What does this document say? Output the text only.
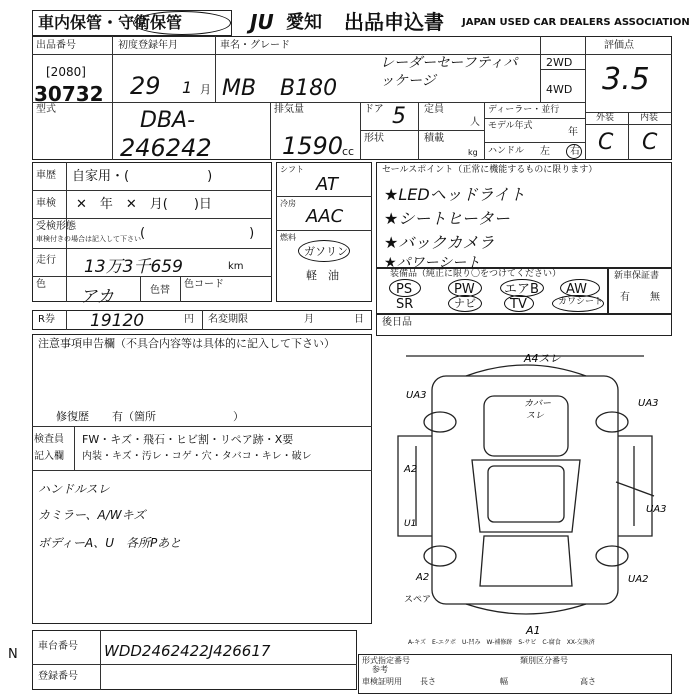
車内保管・守衛保管	JU 愛知 出品申込書 JAPAN USED CAR DEALERS ASSOCIATION
出品番号
[2080]
30732
初度登録年月
29 1 月
車名・グレード
MB B180
レーダーセーフティパッケージ
2WD
4WD
評価点
3.5
外装	内装
C C
型式	DBA-
246242
排気量
1590
cc
ドア 5 定員
人
形状	積載
kg
ディーラー・並行
モデル年式
年
ハンドル 左 右
車歴 自家用・(　　　　　　)
車検 ✕　年　✕　月(　　)日
受検形態
車検付きの場合は記入して下さい (　　　　　　　　)
走行 13万3千659	km
色
アカ	色替
色コード
シフト
AT
冷房
AAC
燃料
ガソリン
軽　油
セールスポイント（正常に機能するものに限ります）
★LEDヘッドライト
★シートヒーター
★バックカメラ
★パワーシート
装備品（純正に限り〇をつけてください）
PS	PW エアB AW
SR	ナビ	TV	カワシート
新車保証書
有 無
R券 19120	円 名変期限	月	日 後日品
注意事項申告欄（不具合内容等は具体的に記入して下さい）
修復歴 有（箇所　　　　　　　）
検査員
記入欄
FW・キズ・飛石・ヒビ割・リペア跡・X要
内装・キズ・汚レ・コゲ・穴・タバコ・キレ・破レ
ハンドルスレ
カミラー、A/Wキズ
ボディーA、U　各所Pあと
A4スレ
カバー
スレ
UA3
UA3
A2
U1
UA3
A2	UA2
A1
スペア
A-キズ　E-エクボ　U-凹み　W-補修跡　S-サビ　C-腐食　XX-交換済
車台番号 WDD2462422J426617
登録番号
N	形式指定番号
参考
類別区分番号
車検証明用 長さ	幅	高さ
